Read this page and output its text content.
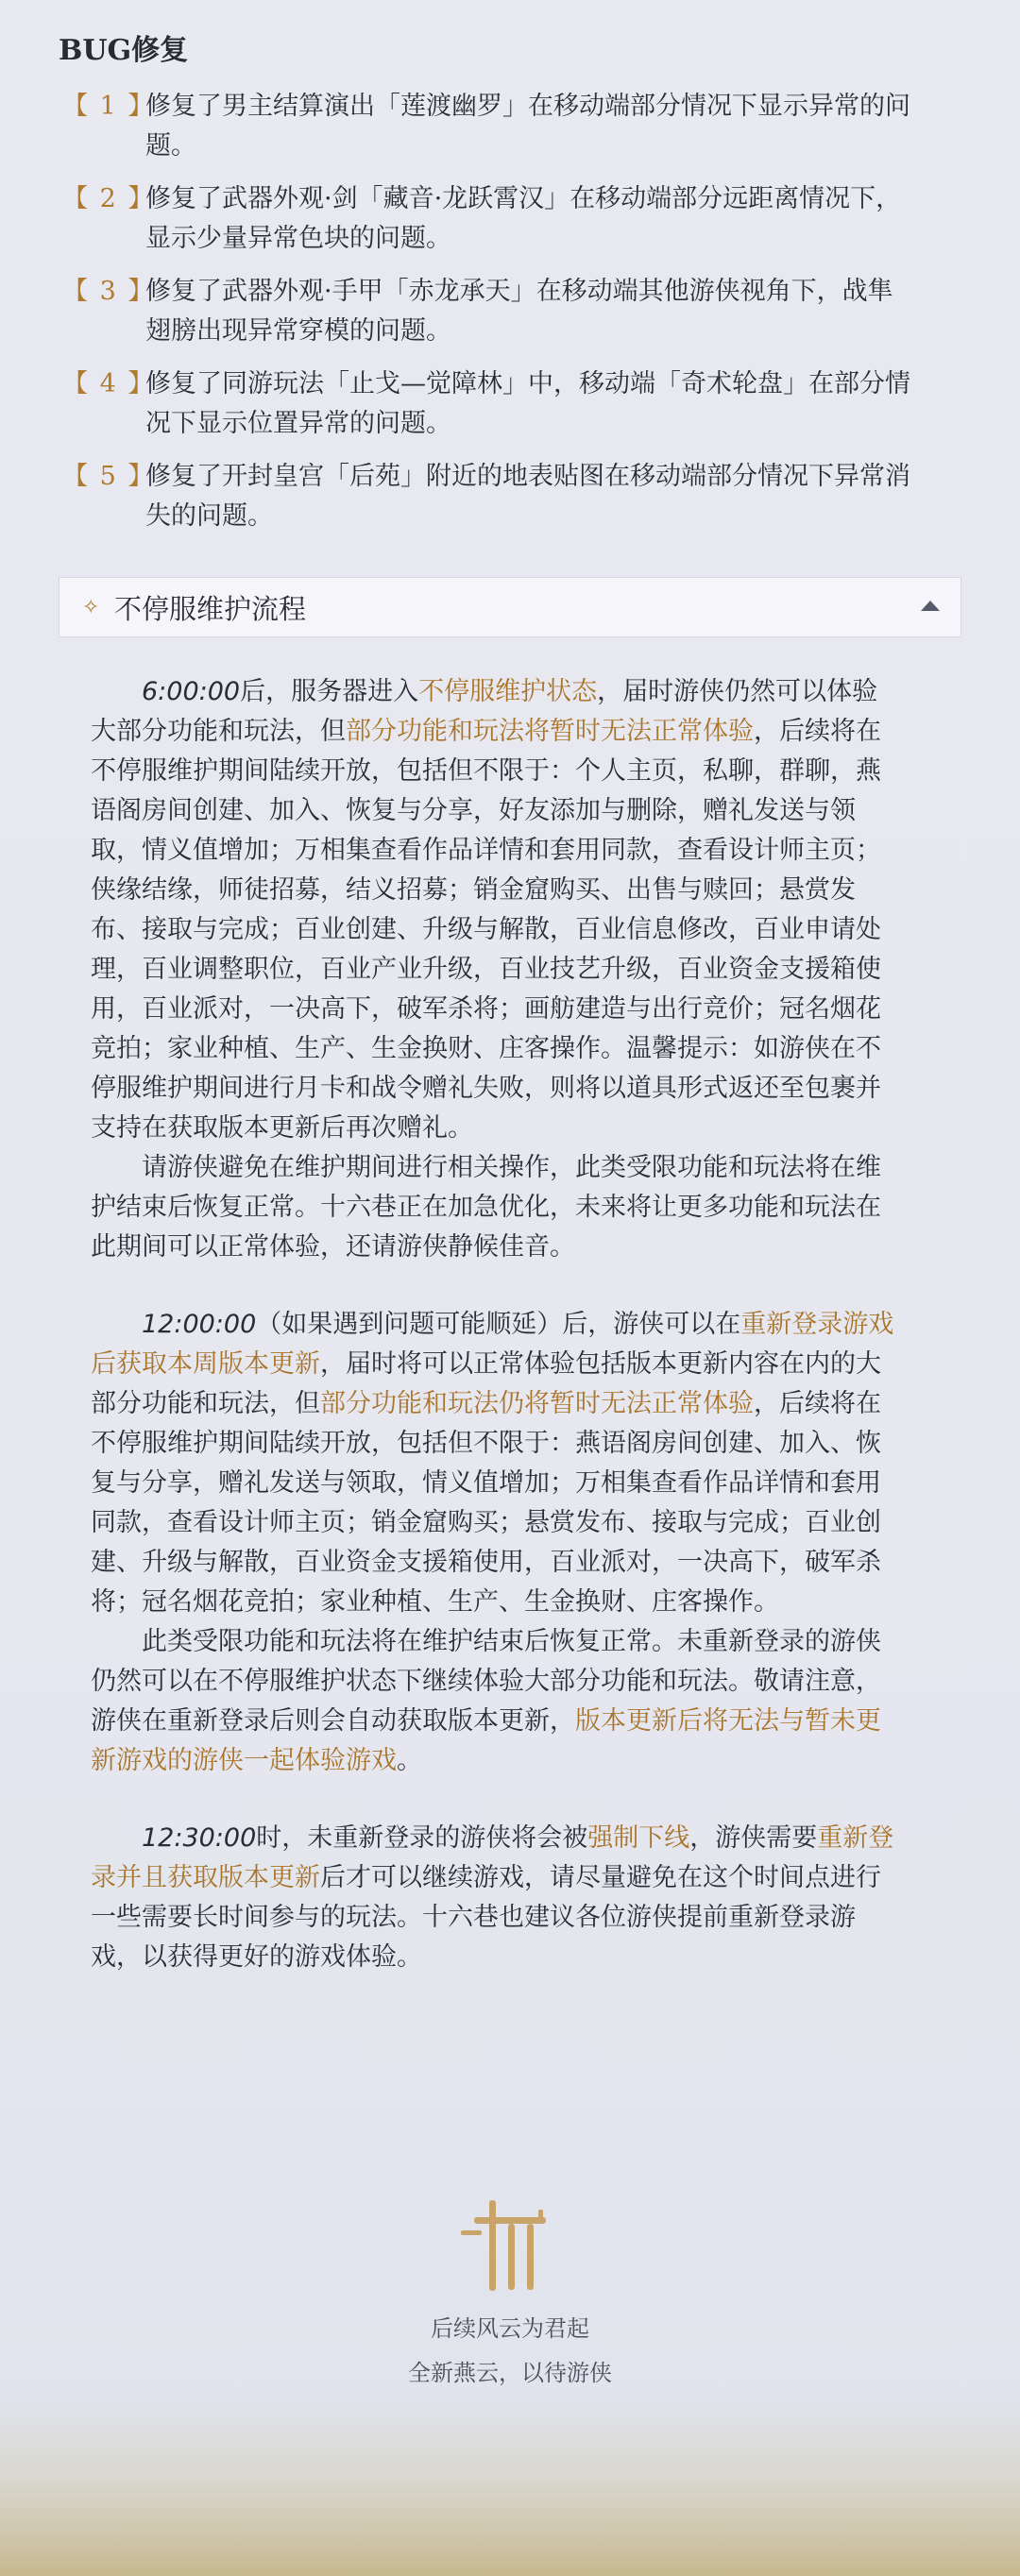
BUG修复
【 1 】
修复了男主结算演出「莲渡幽罗」在移动端部分情况下显示异常的问题。
【 2 】
修复了武器外观·剑「藏音·龙跃霄汉」在移动端部分远距离情况下，显示少量异常色块的问题。
【 3 】
修复了武器外观·手甲「赤龙承天」在移动端其他游侠视角下，战隼翅膀出现异常穿模的问题。
【 4 】
修复了同游玩法「止戈—觉障林」中，移动端「奇术轮盘」在部分情况下显示位置异常的问题。
【 5 】
修复了开封皇宫「后苑」附近的地表贴图在移动端部分情况下异常消失的问题。
✧ 不停服维护流程

6:00:00后，服务器进入不停服维护状态，届时游侠仍然可以体验大部分功能和玩法，但部分功能和玩法将暂时无法正常体验，后续将在不停服维护期间陆续开放，包括但不限于：个人主页，私聊，群聊，燕语阁房间创建、加入、恢复与分享，好友添加与删除，赠礼发送与领取，情义值增加；万相集查看作品详情和套用同款，查看设计师主页；侠缘结缘，师徒招募，结义招募；销金窟购买、出售与赎回；悬赏发布、接取与完成；百业创建、升级与解散，百业信息修改，百业申请处理，百业调整职位，百业产业升级，百业技艺升级，百业资金支援箱使用，百业派对，一决高下，破军杀将；画舫建造与出行竞价；冠名烟花竞拍；家业种植、生产、生金换财、庄客操作。温馨提示：如游侠在不停服维护期间进行月卡和战令赠礼失败，则将以道具形式返还至包裹并支持在获取版本更新后再次赠礼。

请游侠避免在维护期间进行相关操作，此类受限功能和玩法将在维护结束后恢复正常。十六巷正在加急优化，未来将让更多功能和玩法在此期间可以正常体验，还请游侠静候佳音。

12:00:00（如果遇到问题可能顺延）后，游侠可以在重新登录游戏后获取本周版本更新，届时将可以正常体验包括版本更新内容在内的大部分功能和玩法，但部分功能和玩法仍将暂时无法正常体验，后续将在不停服维护期间陆续开放，包括但不限于：燕语阁房间创建、加入、恢复与分享，赠礼发送与领取，情义值增加；万相集查看作品详情和套用同款，查看设计师主页；销金窟购买；悬赏发布、接取与完成；百业创建、升级与解散，百业资金支援箱使用，百业派对，一决高下，破军杀将；冠名烟花竞拍；家业种植、生产、生金换财、庄客操作。

此类受限功能和玩法将在维护结束后恢复正常。未重新登录的游侠仍然可以在不停服维护状态下继续体验大部分功能和玩法。敬请注意，游侠在重新登录后则会自动获取版本更新，版本更新后将无法与暂未更新游戏的游侠一起体验游戏。

12:30:00时，未重新登录的游侠将会被强制下线，游侠需要重新登录并且获取版本更新后才可以继续游戏，请尽量避免在这个时间点进行一些需要长时间参与的玩法。十六巷也建议各位游侠提前重新登录游戏，以获得更好的游戏体验。

后续风云为君起
全新燕云，以待游侠
